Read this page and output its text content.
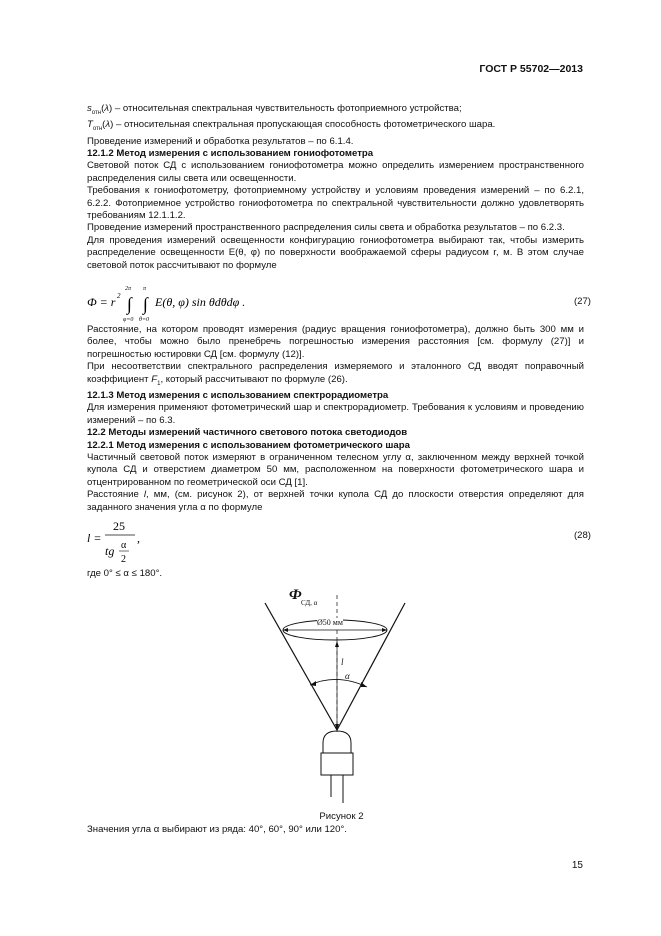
ГОСТ Р 55702—2013

$s_{отн}(\lambda)$ – относительная спектральная чувствительность фотоприемного устройства;

$T_{отн}(\lambda)$ – относительная спектральная пропускающая способность фотометрического шара.

Проведение измерений и обработка результатов – по 6.1.4.

12.1.2 Метод измерения с использованием гониофотометра

Световой поток СД с использованием гониофотометра можно определить измерением пространственного распределения силы света или освещенности.

Требования к гониофотометру, фотоприемному устройству и условиям проведения измерений – по 6.2.1, 6.2.2. Фотоприемное устройство гониофотометра по спектральной чувствительности должно удовлетворять требованиям 12.1.1.2.

Проведение измерений пространственного распределения силы света и обработка результатов – по 6.2.3.

Для проведения измерений освещенности конфигурацию гониофотометра выбирают так, чтобы измерить распределение освещенности E(θ, φ) по поверхности воображаемой сферы радиусом r, м. В этом случае световой поток рассчитывают по формуле

Ф = r 2
2π
∫
φ=0
π
∫
θ=0
E(θ, φ) sin θdθdφ .	(27)

Расстояние, на котором проводят измерения (радиус вращения гониофотометра), должно быть 300 мм и более, чтобы можно было пренебречь погрешностью измерения расстояния [см. формулу (27)] и погрешностью юстировки СД [см. формулу (12)].

При несоответствии спектрального распределения измеряемого и эталонного СД вводят поправочный коэффициент $F_1$, который рассчитывают по формуле (26).

12.1.3 Метод измерения с использованием спектрорадиометра

Для измерения применяют фотометрический шар и спектрорадиометр. Требования к условиям и проведению измерений – по 6.3.

12.2 Методы измерений частичного светового потока светодиодов

12.2.1 Метод измерения с использованием фотометрического шара

Частичный световой поток измеряют в ограниченном телесном углу α, заключенном между верхней точкой купола СД и отверстием диаметром 50 мм, расположенном на поверхности фотометрического шара и отцентрированном по геометрической оси СД [1].

Расстояние l, мм, (см. рисунок 2), от верхней точки купола СД до плоскости отверстия определяют для заданного значения угла α по формуле

l =
25
tg α
2
,	(28)

где 0° ≤ α ≤ 180°.

Ф СД, α
Ø50 мм
l
α
Рисунок 2

Значения угла α выбирают из ряда: 40°, 60°, 90° или 120°.

15
